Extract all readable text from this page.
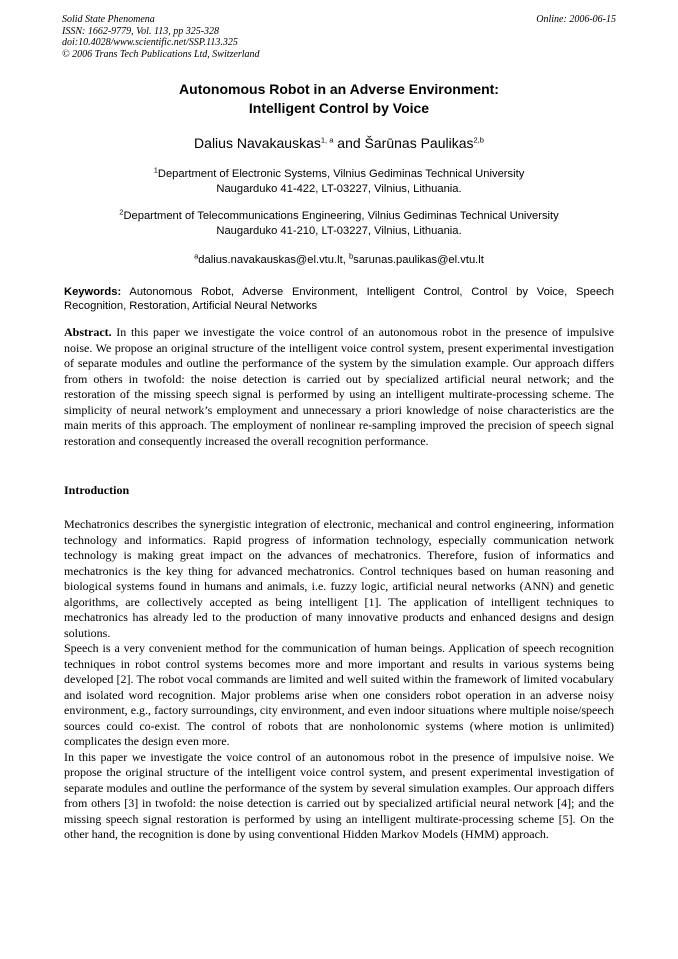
Solid State Phenomena
ISSN: 1662-9779, Vol. 113, pp 325-328
doi:10.4028/www.scientific.net/SSP.113.325
© 2006 Trans Tech Publications Ltd, Switzerland
Online: 2006-06-15
Autonomous Robot in an Adverse Environment:
Intelligent Control by Voice
Dalius Navakauskas$^{1, a}$ and Šarūnas Paulikas$^{2,b}$
$^1$Department of Electronic Systems, Vilnius Gediminas Technical University
Naugarduko 41-422, LT-03227, Vilnius, Lithuania.
$^2$Department of Telecommunications Engineering, Vilnius Gediminas Technical University
Naugarduko 41-210, LT-03227, Vilnius, Lithuania.
$^a$dalius.navakauskas@el.vtu.lt, $^b$sarunas.paulikas@el.vtu.lt
Keywords: Autonomous Robot, Adverse Environment, Intelligent Control, Control by Voice, Speech Recognition, Restoration, Artificial Neural Networks
Abstract. In this paper we investigate the voice control of an autonomous robot in the presence of impulsive noise. We propose an original structure of the intelligent voice control system, present experimental investigation of separate modules and outline the performance of the system by the simulation example. Our approach differs from others in twofold: the noise detection is carried out by specialized artificial neural network; and the restoration of the missing speech signal is performed by using an intelligent multirate-processing scheme. The simplicity of neural network’s employment and unnecessary a priori knowledge of noise characteristics are the main merits of this approach. The employment of nonlinear re-sampling improved the precision of speech signal restoration and consequently increased the overall recognition performance.
Introduction

Mechatronics describes the synergistic integration of electronic, mechanical and control engineering, information technology and informatics. Rapid progress of information technology, especially communication network technology is making great impact on the advances of mechatronics. Therefore, fusion of informatics and mechatronics is the key thing for advanced mechatronics. Control techniques based on human reasoning and biological systems found in humans and animals, i.e. fuzzy logic, artificial neural networks (ANN) and genetic algorithms, are collectively accepted as being intelligent [1]. The application of intelligent techniques to mechatronics has already led to the production of many innovative products and enhanced designs and design solutions.

Speech is a very convenient method for the communication of human beings. Application of speech recognition techniques in robot control systems becomes more and more important and results in various systems being developed [2]. The robot vocal commands are limited and well suited within the framework of limited vocabulary and isolated word recognition. Major problems arise when one considers robot operation in an adverse noisy environment, e.g., factory surroundings, city environment, and even indoor situations where multiple noise/speech sources could co-exist. The control of robots that are nonholonomic systems (where motion is unlimited) complicates the design even more.

In this paper we investigate the voice control of an autonomous robot in the presence of impulsive noise. We propose the original structure of the intelligent voice control system, and present experimental investigation of separate modules and outline the performance of the system by several simulation examples. Our approach differs from others [3] in twofold: the noise detection is carried out by specialized artificial neural network [4]; and the missing speech signal restoration is performed by using an intelligent multirate-processing scheme [5]. On the other hand, the recognition is done by using conventional Hidden Markov Models (HMM) approach.
